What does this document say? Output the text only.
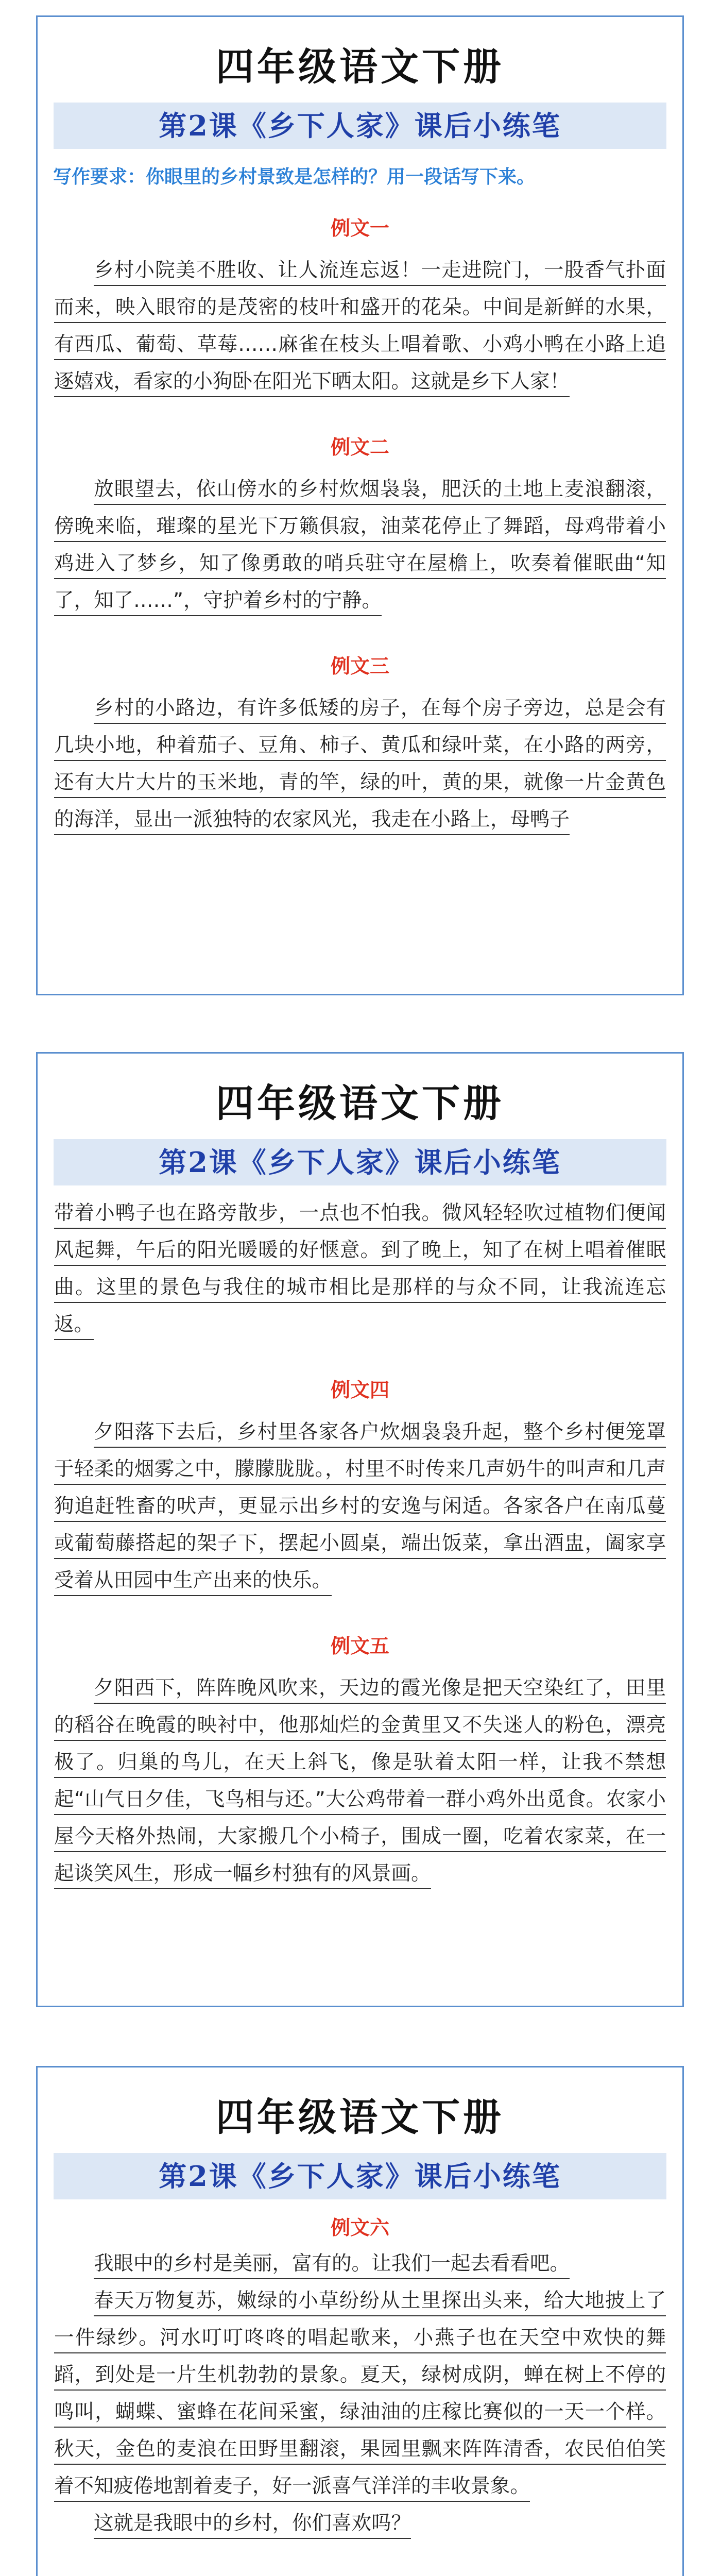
四年级语文下册
第2课《乡下人家》课后小练笔
写作要求：你眼里的乡村景致是怎样的？用一段话写下来。
例文一
乡村小院美不胜收、让人流连忘返！一走进院门，一股香气扑面而来，映入眼帘的是茂密的枝叶和盛开的花朵。中间是新鲜的水果，有西瓜、葡萄、草莓……麻雀在枝头上唱着歌、小鸡小鸭在小路上追逐嬉戏，看家的小狗卧在阳光下晒太阳。这就是乡下人家！
例文二
放眼望去，依山傍水的乡村炊烟袅袅，肥沃的土地上麦浪翻滚，傍晚来临，璀璨的星光下万籁俱寂，油菜花停止了舞蹈，母鸡带着小鸡进入了梦乡，知了像勇敢的哨兵驻守在屋檐上，吹奏着催眠曲“知了，知了……”，守护着乡村的宁静。
例文三
乡村的小路边，有许多低矮的房子，在每个房子旁边，总是会有几块小地，种着茄子、豆角、柿子、黄瓜和绿叶菜，在小路的两旁，还有大片大片的玉米地，青的竿，绿的叶，黄的果，就像一片金黄色的海洋，显出一派独特的农家风光，我走在小路上，母鸭子
四年级语文下册
第2课《乡下人家》课后小练笔
带着小鸭子也在路旁散步，一点也不怕我。微风轻轻吹过植物们便闻风起舞，午后的阳光暖暖的好惬意。到了晚上，知了在树上唱着催眠曲。这里的景色与我住的城市相比是那样的与众不同，让我流连忘返。
例文四
夕阳落下去后，乡村里各家各户炊烟袅袅升起，整个乡村便笼罩于轻柔的烟雾之中，朦朦胧胧。，村里不时传来几声奶牛的叫声和几声狗追赶牲畜的吠声，更显示出乡村的安逸与闲适。各家各户在南瓜蔓或葡萄藤搭起的架子下，摆起小圆桌，端出饭菜，拿出酒盅，阖家享受着从田园中生产出来的快乐。
例文五
夕阳西下，阵阵晚风吹来，天边的霞光像是把天空染红了，田里的稻谷在晚霞的映衬中，他那灿烂的金黄里又不失迷人的粉色，漂亮极了。归巢的鸟儿，在天上斜飞，像是驮着太阳一样，让我不禁想起“山气日夕佳，飞鸟相与还。”大公鸡带着一群小鸡外出觅食。农家小屋今天格外热闹，大家搬几个小椅子，围成一圈，吃着农家菜，在一起谈笑风生，形成一幅乡村独有的风景画。
四年级语文下册
第2课《乡下人家》课后小练笔
例文六
我眼中的乡村是美丽，富有的。让我们一起去看看吧。
春天万物复苏，嫩绿的小草纷纷从土里探出头来，给大地披上了一件绿纱。河水叮叮咚咚的唱起歌来，小燕子也在天空中欢快的舞蹈，到处是一片生机勃勃的景象。夏天，绿树成阴，蝉在树上不停的鸣叫，蝴蝶、蜜蜂在花间采蜜，绿油油的庄稼比赛似的一天一个样。秋天，金色的麦浪在田野里翻滚，果园里飘来阵阵清香，农民伯伯笑着不知疲倦地割着麦子，好一派喜气洋洋的丰收景象。
这就是我眼中的乡村，你们喜欢吗？
